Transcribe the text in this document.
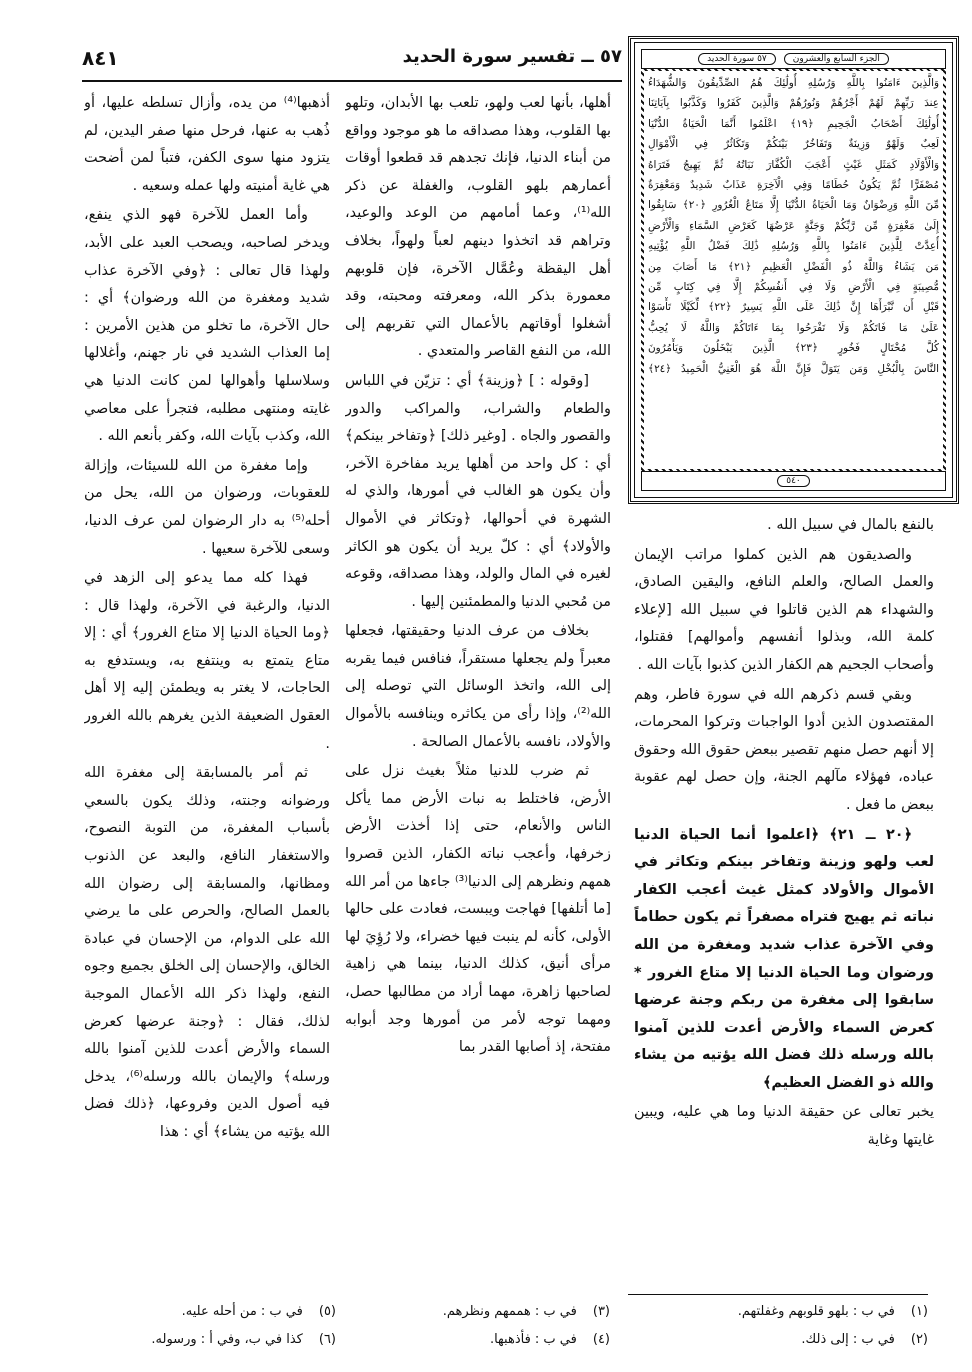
٥٧ ــ تفسير سورة الحديد
٨٤١	الجزء السابع والعشرون
٥٧ سورة الحديد

وَالَّذِينَ ءَامَنُوا بِاللَّهِ وَرُسُلِهِ أُولَٰئِكَ هُمُ الصِّدِّيقُونَ وَالشُّهَدَاءُ

عِندَ رَبِّهِمْ لَهُمْ أَجْرُهُمْ وَنُورُهُمْ وَالَّذِينَ كَفَرُوا وَكَذَّبُوا بِآيَاتِنَا

أُولَٰئِكَ أَصْحَابُ الْجَحِيمِ ﴿١٩﴾ اعْلَمُوا أَنَّمَا الْحَيَاةُ الدُّنْيَا

لَعِبٌ وَلَهْوٌ وَزِينَةٌ وَتَفَاخُرٌ بَيْنَكُمْ وَتَكَاثُرٌ فِي الْأَمْوَالِ

وَالْأَوْلَادِ كَمَثَلِ غَيْثٍ أَعْجَبَ الْكُفَّارَ نَبَاتُهُ ثُمَّ يَهِيجُ فَتَرَاهُ

مُصْفَرًّا ثُمَّ يَكُونُ حُطَامًا وَفِي الْآخِرَةِ عَذَابٌ شَدِيدٌ وَمَغْفِرَةٌ

مِّنَ اللَّهِ وَرِضْوَانٌ وَمَا الْحَيَاةُ الدُّنْيَا إِلَّا مَتَاعُ الْغُرُورِ ﴿٢٠﴾ سَابِقُوا

إِلَىٰ مَغْفِرَةٍ مِّن رَّبِّكُمْ وَجَنَّةٍ عَرْضُهَا كَعَرْضِ السَّمَاءِ وَالْأَرْضِ

أُعِدَّتْ لِلَّذِينَ ءَامَنُوا بِاللَّهِ وَرُسُلِهِ ذَٰلِكَ فَضْلُ اللَّهِ يُؤْتِيهِ

مَن يَشَاءُ وَاللَّهُ ذُو الْفَضْلِ الْعَظِيمِ ﴿٢١﴾ مَا أَصَابَ مِن

مُّصِيبَةٍ فِي الْأَرْضِ وَلَا فِي أَنفُسِكُمْ إِلَّا فِي كِتَابٍ مِّن

قَبْلِ أَن نَّبْرَأَهَا إِنَّ ذَٰلِكَ عَلَى اللَّهِ يَسِيرٌ ﴿٢٢﴾ لِّكَيْلَا تَأْسَوْا

عَلَىٰ مَا فَاتَكُمْ وَلَا تَفْرَحُوا بِمَا ءَاتَاكُمْ وَاللَّهُ لَا يُحِبُّ

كُلَّ مُخْتَالٍ فَخُورٍ ﴿٢٣﴾ الَّذِينَ يَبْخَلُونَ وَيَأْمُرُونَ

النَّاسَ بِالْبُخْلِ وَمَن يَتَوَلَّ فَإِنَّ اللَّهَ هُوَ الْغَنِيُّ الْحَمِيدُ ﴿٢٤﴾

٥٤٠

بالنفع بالمال في سبيل الله .

والصديقون هم الذين كملوا مراتب الإيمان والعمل الصالح، والعلم النافع، واليقين الصادق، والشهداء هم الذين قاتلوا في سبيل الله [لإعلاء كلمة الله، وبذلوا أنفسهم وأموالهم] فقتلوا، وأصحاب الجحيم هم الكفار الذين كذبوا بآيات الله .

وبقي قسم ذكرهم الله في سورة فاطر، وهم المقتصدون الذين أدوا الواجبات وتركوا المحرمات، إلا أنهم حصل منهم تقصير ببعض حقوق الله وحقوق عباده، فهؤلاء مآلهم الجنة، وإن حصل لهم عقوبة ببعض ما فعل .

﴿٢٠ ــ ٢١﴾ ﴿اعلموا أنما الحياة الدنيا لعب ولهو وزينة وتفاخر بينكم وتكاثر في الأموال والأولاد كمثل غيث أعجب الكفار نباته ثم يهيج فتراه مصفراً ثم يكون حطاماً وفي الآخرة عذاب شديد ومغفرة من الله ورضوان وما الحياة الدنيا إلا متاع الغرور * سابقوا إلى مغفرة من ربكم وجنة عرضها كعرض السماء والأرض أعدت للذين آمنوا بالله ورسله ذلك فضل الله يؤتيه من يشاء والله ذو الفضل العظيم﴾

يخبر تعالى عن حقيقة الدنيا وما هي عليه، ويبين غايتها وغاية

أهلها، بأنها لعب ولهو، تلعب بها الأبدان، وتلهو بها القلوب، وهذا مصداقه ما هو موجود وواقع من أبناء الدنيا، فإنك تجدهم قد قطعوا أوقات أعمارهم بلهو القلوب، والغفلة عن ذكر الله⁽¹⁾، وعما أمامهم من الوعد والوعيد، وتراهم قد اتخذوا دينهم لعباً ولهواً، بخلاف أهل اليقظة وعُمَّال الآخرة، فإن قلوبهم معمورة بذكر الله، ومعرفته ومحبته، وقد أشغلوا أوقاتهم بالأعمال التي تقربهم إلى الله، من النفع القاصر والمتعدي .

[وقوله : ] ﴿وزينة﴾ أي : تزيّن في اللباس والطعام والشراب، والمراكب والدور والقصور والجاه . [وغير ذلك] ﴿وتفاخر بينكم﴾ أي : كل واحد من أهلها يريد مفاخرة الآخر، وأن يكون هو الغالب في أمورها، والذي له الشهرة في أحوالها، ﴿وتكاثر في الأموال والأولاد﴾ أي : كلّ يريد أن يكون هو الكاثر لغيره في المال والولد، وهذا مصداقه، وقوعه من مُحبي الدنيا والمطمئنين إليها .

بخلاف من عرف الدنيا وحقيقتها، فجعلها معبراً ولم يجعلها مستقراً، فنافس فيما يقربه إلى الله، واتخذ الوسائل التي توصله إلى الله⁽²⁾، وإذا رأى من يكاثره وينافسه بالأموال والأولاد، نافسه بالأعمال الصالحة .

ثم ضرب للدنيا مثلاً بغيث نزل على الأرض، فاختلط به نبات الأرض مما يأكل الناس والأنعام، حتى إذا أخذت الأرض زخرفها، وأعجب نباته الكفار، الذين قصروا همهم ونظرهم إلى الدنيا⁽³⁾ جاءها من أمر الله [ما أتلفها] فهاجت ويبست، فعادت على حالها الأولى، كأنه لم ينبت فيها خضراء، ولا رُؤِيَ لها مرأى أنيق، كذلك الدنيا، بينما هي زاهية لصاحبها زاهرة، مهما أراد من مطالبها حصل، ومهما توجه لأمر من أمورها وجد أبوابه مفتحة، إذ أصابها القدر بما

أذهبها⁽⁴⁾ من يده، وأزال تسلطه عليها، أو ذُهب به عنها، فرحل منها صفر اليدين، لم يتزود منها سوى الكفن، فتباً لمن أضحت هي غاية أمنيته ولها عمله وسعيه .

وأما العمل للآخرة فهو الذي ينفع، ويدخر لصاحبه، ويصحب العبد على الأبد، ولهذا قال تعالى : ﴿وفي الآخرة عذاب شديد ومغفرة من الله ورضوان﴾ أي : حال الآخرة، ما تخلو من هذين الأمرين : إما العذاب الشديد في نار جهنم، وأغلالها وسلاسلها وأهوالها لمن كانت الدنيا هي غايته ومنتهى مطلبه، فتجرأ على معاصي الله، وكذب بآيات الله، وكفر بأنعم الله .

وإما مغفرة من الله للسيئات، وإزالة للعقوبات، ورضوان من الله، يحل من أحله⁽⁵⁾ به دار الرضوان لمن عرف الدنيا، وسعى للآخرة سعيها .

فهذا كله مما يدعو إلى الزهد في الدنيا، والرغبة في الآخرة، ولهذا قال : ﴿وما الحياة الدنيا إلا متاع الغرور﴾ أي : إلا متاع يتمتع به وينتفع به، ويستدفع به الحاجات، لا يغتر به ويطمئن إليه إلا أهل العقول الضعيفة الذين يغرهم بالله الغرور .

ثم أمر بالمسابقة إلى مغفرة الله ورضوانه وجنته، وذلك يكون بالسعي بأسباب المغفرة، من التوبة النصوح، والاستغفار النافع، والبعد عن الذنوب ومظانها، والمسابقة إلى رضوان الله بالعمل الصالح، والحرص على ما يرضي الله على الدوام، من الإحسان في عبادة الخالق، والإحسان إلى الخلق بجميع وجوه النفع، ولهذا ذكر الله الأعمال الموجبة لذلك، فقال : ﴿وجنة عرضها كعرض السماء والأرض أعدت للذين آمنوا بالله ورسله﴾ والإيمان بالله ورسله⁽⁶⁾، يدخل فيه أصول الدين وفروعها، ﴿ذلك فضل الله يؤتيه من يشاء﴾ أي : هذا

(١)في ب : بلهو قلوبهم وغفلتهم.
(٢)في ب : إلى ذلك.
(٣)في ب : هممهم ونظرهم.
(٤)في ب : فأذهبها.
(٥)في ب : من أحله عليه.
(٦)كذا في ب، وفي أ : ورسوله.
